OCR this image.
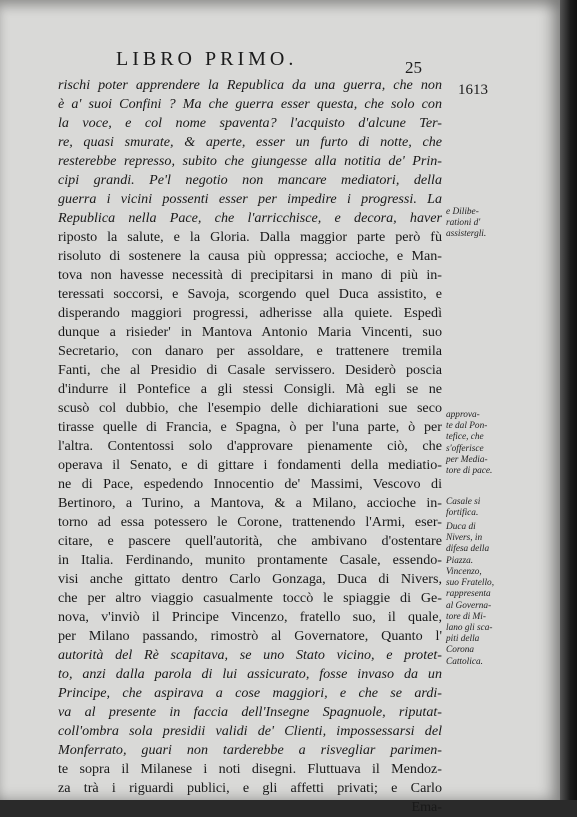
LIBRO PRIMO.	25
1613
rischi poter apprendere la Republica da una guerra, che non
è a' suoi Confini ? Ma che guerra esser questa, che solo con
la voce, e col nome spaventa? l'acquisto d'alcune Ter-
re, quasi smurate, & aperte, esser un furto di notte, che
resterebbe represso, subito che giungesse alla notitia de' Prin-
cipi grandi. Pe'l negotio non mancare mediatori, della
guerra i vicini possenti esser per impedire i progressi. La
Republica nella Pace, che l'arricchisce, e decora, haver
riposto la salute, e la Gloria. Dalla maggior parte però fù
risoluto di sostenere la causa più oppressa; accioche, e Man-
tova non havesse necessità di precipitarsi in mano di più in-
teressati soccorsi, e Savoja, scorgendo quel Duca assistito, e
disperando maggiori progressi, adherisse alla quiete. Espedì
dunque a risieder' in Mantova Antonio Maria Vincenti, suo
Secretario, con danaro per assoldare, e trattenere tremila
Fanti, che al Presidio di Casale servissero. Desiderò poscia
d'indurre il Pontefice a gli stessi Consigli. Mà egli se ne
scusò col dubbio, che l'esempio delle dichiarationi sue seco
tirasse quelle di Francia, e Spagna, ò per l'una parte, ò per
l'altra. Contentossi solo d'approvare pienamente ciò, che
operava il Senato, e di gittare i fondamenti della mediatio-
ne di Pace, espedendo Innocentio de' Massimi, Vescovo di
Bertinoro, a Turino, a Mantova, & a Milano, accioche in-
torno ad essa potessero le Corone, trattenendo l'Armi, eser-
citare, e pascere quell'autorità, che ambivano d'ostentare
in Italia. Ferdinando, munito prontamente Casale, essendo-
visi anche gittato dentro Carlo Gonzaga, Duca di Nivers,
che per altro viaggio casualmente toccò le spiaggie di Ge-
nova, v'inviò il Principe Vincenzo, fratello suo, il quale,
per Milano passando, rimostrò al Governatore, Quanto l'
autorità del Rè scapitava, se uno Stato vicino, e protet-
to, anzi dalla parola di lui assicurato, fosse invaso da un
Principe, che aspirava a cose maggiori, e che se ardi-
va al presente in faccia dell'Insegne Spagnuole, riputat-
coll'ombra sola presidii validi de' Clienti, impossessarsi del
Monferrato, guari non tarderebbe a risvegliar parimen-
te sopra il Milanese i noti disegni. Fluttuava il Mendoz-
za trà i riguardi publici, e gli affetti privati; e Carlo
Ema-
e Dilibe-
rationi d'
assistergli.
approva-
te dal Pon-
tefice, che
s'offerisce
per Media-
tore di pace.
Casale si
fortifica.
Duca di
Nivers, in
difesa della
Piazza.
Vincenzo,
suo Fratello,
rappresenta
al Governa-
tore di Mi-
lano gli sca-
piti della
Corona
Cattolica.
